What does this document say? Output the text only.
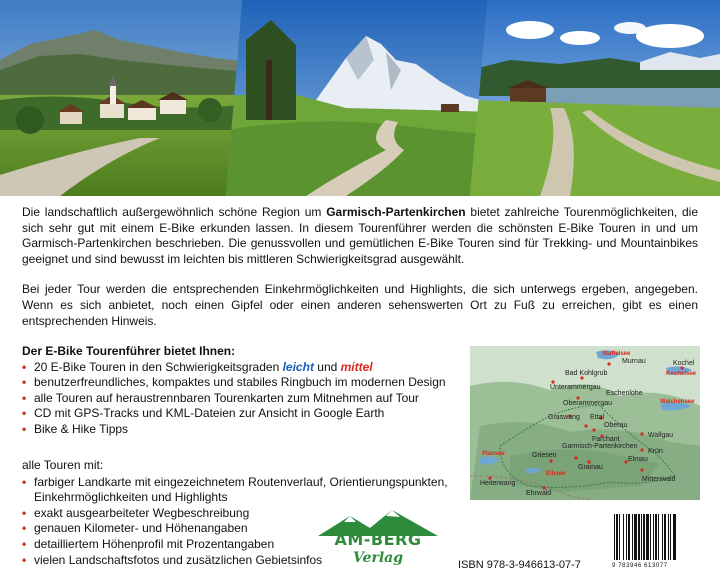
Die landschaftlich außergewöhnlich schöne Region um Garmisch-Partenkirchen bietet zahlreiche Tourenmöglichkeiten, die sich sehr gut mit einem E-Bike erkunden lassen. In diesem Tourenführer werden die schönsten E-Bike Touren in und um Garmisch-Partenkirchen beschrieben. Die genussvollen und gemütlichen E-Bike Touren sind für Trekking- und Mountainbikes geeignet und sind bewusst im leichten bis mittleren Schwierigkeitsgrad ausgewählt.

Bei jeder Tour werden die entsprechenden Einkehrmöglichkeiten und Highlights, die sich unterwegs ergeben, angegeben. Wenn es sich anbietet, noch einen Gipfel oder einen anderen sehenswerten Ort zu Fuß zu erreichen, gibt es einen entsprechenden Hinweis.

Der E-Bike Tourenführer bietet Ihnen:
• 20 E-Bike Touren in den Schwierigkeitsgraden leicht und mittel
• benutzerfreundliches, kompaktes und stabiles Ringbuch im modernen Design
• alle Touren auf heraustrennbaren Tourenkarten zum Mitnehmen auf Tour
• CD mit GPS-Tracks und KML-Dateien zur Ansicht in Google Earth
• Bike & Hike Tipps

alle Touren mit:

• farbiger Landkarte mit eingezeichnetem Routenverlauf, Orientierungspunkten, Einkehrmöglichkeiten und Highlights
• exakt ausgearbeiteter Wegbeschreibung
• genauen Kilometer- und Höhenangaben
• detailliertem Höhenprofil mit Prozentangaben
• vielen Landschaftsfotos und zusätzlichen Gebietsinfos
Staffelsee
Murnau	Kochel
Kochelsee
Bad Kohlgrub
Unterammergau
Eschenlohe
Oberammergau	Walchensee
Graswang Ettal
Oberau
Farchant
Garmisch-Partenkirchen
Wallgau
Krün
Griesen
Plansee
Grainau
Elmau
Eibsee
Heiterwang
Mittenwald
Ehrwald
AM-BERG
Verlag	ISBN 978-3-946613-07-7	9 783946 613077
